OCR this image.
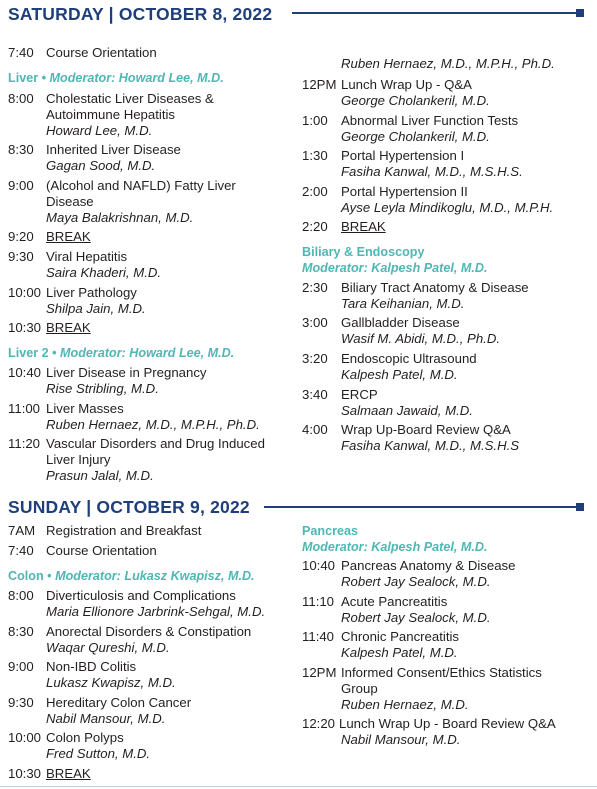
SATURDAY | OCTOBER 8, 2022
7:40 Course Orientation
Liver • Moderator: Howard Lee, M.D.
8:00 Cholestatic Liver Diseases &
Autoimmune Hepatitis
Howard Lee, M.D.
8:30 Inherited Liver Disease
Gagan Sood, M.D.
9:00 (Alcohol and NAFLD) Fatty Liver
Disease
Maya Balakrishnan, M.D.
9:20 BREAK
9:30 Viral Hepatitis
Saira Khaderi, M.D.
10:00 Liver Pathology
Shilpa Jain, M.D.
10:30 BREAK
Liver 2 • Moderator: Howard Lee, M.D.
10:40 Liver Disease in Pregnancy
Rise Stribling, M.D.
11:00 Liver Masses
Ruben Hernaez, M.D., M.P.H., Ph.D.
11:20 Vascular Disorders and Drug Induced
Liver Injury
Prasun Jalal, M.D.
Ruben Hernaez, M.D., M.P.H., Ph.D.
12PM Lunch Wrap Up - Q&A
George Cholankeril, M.D.
1:00 Abnormal Liver Function Tests
George Cholankeril, M.D.
1:30 Portal Hypertension I
Fasiha Kanwal, M.D., M.S.H.S.
2:00 Portal Hypertension II
Ayse Leyla Mindikoglu, M.D., M.P.H.
2:20 BREAK
Biliary & Endoscopy
Moderator: Kalpesh Patel, M.D.
2:30 Biliary Tract Anatomy & Disease
Tara Keihanian, M.D.
3:00 Gallbladder Disease
Wasif M. Abidi, M.D., Ph.D.
3:20 Endoscopic Ultrasound
Kalpesh Patel, M.D.
3:40 ERCP
Salmaan Jawaid, M.D.
4:00 Wrap Up-Board Review Q&A
Fasiha Kanwal, M.D., M.S.H.S
SUNDAY | OCTOBER 9, 2022
7AM Registration and Breakfast
7:40 Course Orientation
Colon • Moderator: Lukasz Kwapisz, M.D.
8:00 Diverticulosis and Complications
Maria Ellionore Jarbrink-Sehgal, M.D.
8:30 Anorectal Disorders & Constipation
Waqar Qureshi, M.D.
9:00 Non-IBD Colitis
Lukasz Kwapisz, M.D.
9:30 Hereditary Colon Cancer
Nabil Mansour, M.D.
10:00 Colon Polyps
Fred Sutton, M.D.
10:30 BREAK
Pancreas
Moderator: Kalpesh Patel, M.D.
10:40 Pancreas Anatomy & Disease
Robert Jay Sealock, M.D.
11:10 Acute Pancreatitis
Robert Jay Sealock, M.D.
11:40 Chronic Pancreatitis
Kalpesh Patel, M.D.
12PM Informed Consent/Ethics Statistics
Group
Ruben Hernaez, M.D.
12:20 Lunch Wrap Up - Board Review Q&A
Nabil Mansour, M.D.
